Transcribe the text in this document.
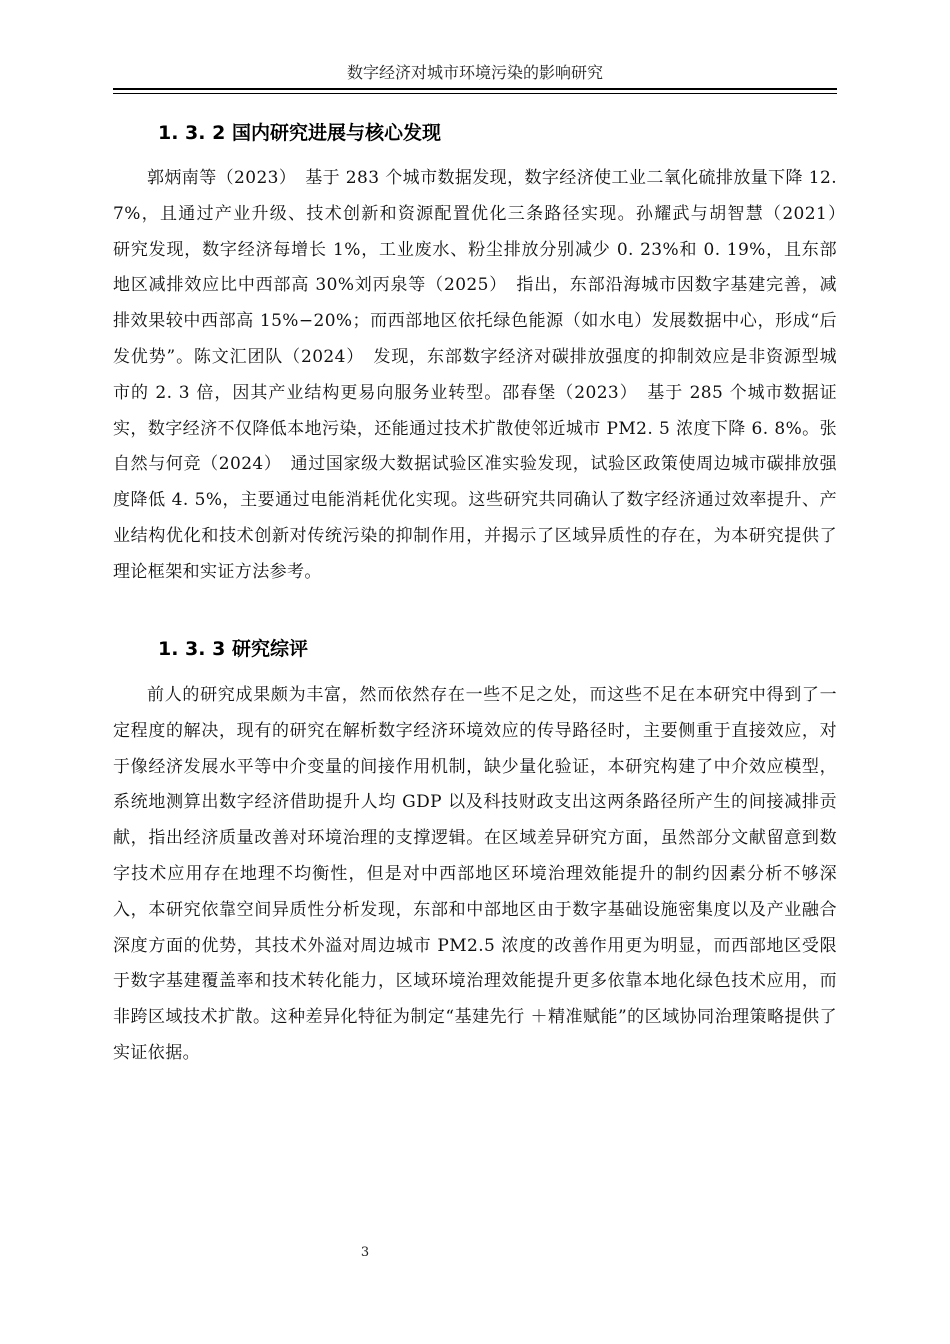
数字经济对城市环境污染的影响研究
1. 3. 2 国内研究进展与核心发现
郭炳南等（2023）　基于 283 个城市数据发现，数字经济使工业二氧化硫排放量下降 12. 7%，且通过产业升级、技术创新和资源配置优化三条路径实现。孙耀武与胡智慧（2021）　研究发现，数字经济每增长 1%，工业废水、粉尘排放分别减少 0. 23%和 0. 19%，且东部地区减排效应比中西部高 30%刘丙泉等（2025）　指出，东部沿海城市因数字基建完善，减排效果较中西部高 15%−20%；而西部地区依托绿色能源（如水电）发展数据中心，形成“后发优势”。陈文汇团队（2024）　发现，东部数字经济对碳排放强度的抑制效应是非资源型城市的 2. 3 倍，因其产业结构更易向服务业转型。邵春堡（2023）　基于 285 个城市数据证实，数字经济不仅降低本地污染，还能通过技术扩散使邻近城市 PM2. 5 浓度下降 6. 8%。张自然与何竞（2024）　通过国家级大数据试验区准实验发现，试验区政策使周边城市碳排放强度降低 4. 5%，主要通过电能消耗优化实现。这些研究共同确认了数字经济通过效率提升、产业结构优化和技术创新对传统污染的抑制作用，并揭示了区域异质性的存在，为本研究提供了理论框架和实证方法参考。
1. 3. 3 研究综评
前人的研究成果颇为丰富，然而依然存在一些不足之处，而这些不足在本研究中得到了一定程度的解决，现有的研究在解析数字经济环境效应的传导路径时，主要侧重于直接效应，对于像经济发展水平等中介变量的间接作用机制，缺少量化验证，本研究构建了中介效应模型，系统地测算出数字经济借助提升人均 GDP 以及科技财政支出这两条路径所产生的间接减排贡献，指出经济质量改善对环境治理的支撑逻辑。在区域差异研究方面，虽然部分文献留意到数字技术应用存在地理不均衡性，但是对中西部地区环境治理效能提升的制约因素分析不够深入，本研究依靠空间异质性分析发现，东部和中部地区由于数字基础设施密集度以及产业融合深度方面的优势，其技术外溢对周边城市 PM2.5 浓度的改善作用更为明显，而西部地区受限于数字基建覆盖率和技术转化能力，区域环境治理效能提升更多依靠本地化绿色技术应用，而非跨区域技术扩散。这种差异化特征为制定“基建先行 ＋精准赋能”的区域协同治理策略提供了实证依据。
3
